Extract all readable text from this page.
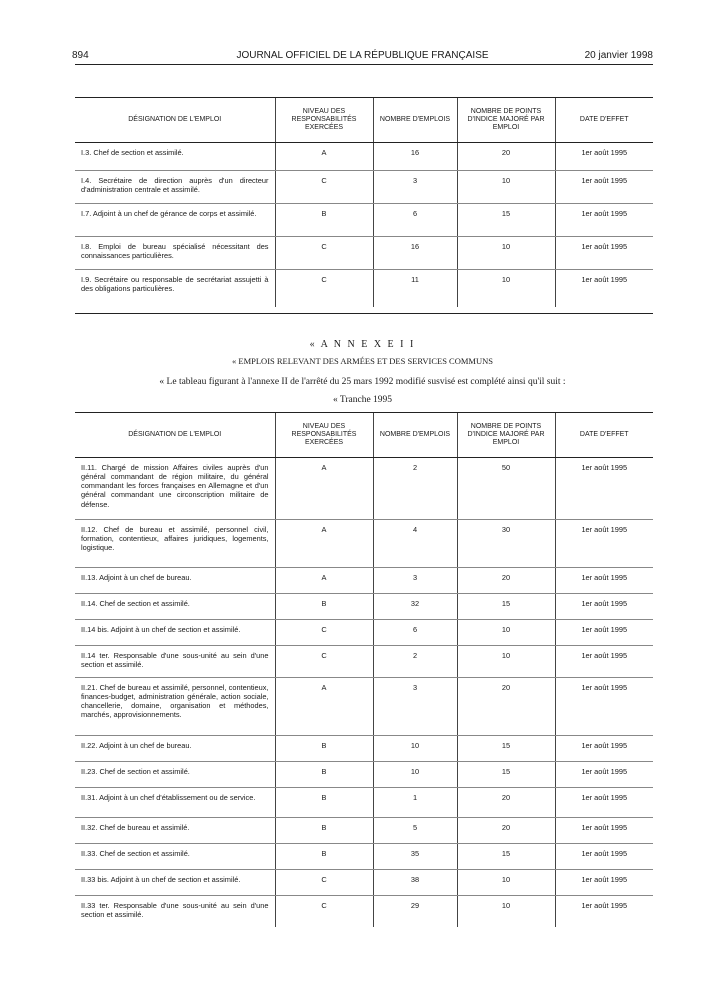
894	JOURNAL OFFICIEL DE LA RÉPUBLIQUE FRANÇAISE	20 janvier 1998
DÉSIGNATION DE L'EMPLOI	NIVEAU DES RESPONSABILITÉS EXERCÉES	NOMBRE D'EMPLOIS	NOMBRE DE POINTS D'INDICE MAJORÉ PAR EMPLOI	DATE D'EFFET
I.3. Chef de section et assimilé.	A	16	20	1er août 1995
I.4. Secrétaire de direction auprès d'un directeur d'administration centrale et assimilé.	C	3	10	1er août 1995
I.7. Adjoint à un chef de gérance de corps et assimilé.	B	6	15	1er août 1995
I.8. Emploi de bureau spécialisé nécessitant des connaissances particulières.	C	16	10	1er août 1995
I.9. Secrétaire ou responsable de secrétariat assujetti à des obligations particulières.	C	11	10	1er août 1995
« A N N E X E I I
« EMPLOIS RELEVANT DES ARMÉES ET DES SERVICES COMMUNS
« Le tableau figurant à l'annexe II de l'arrêté du 25 mars 1992 modifié susvisé est complété ainsi qu'il suit :
« Tranche 1995
DÉSIGNATION DE L'EMPLOI	NIVEAU DES RESPONSABILITÉS EXERCÉES	NOMBRE D'EMPLOIS	NOMBRE DE POINTS D'INDICE MAJORÉ PAR EMPLOI	DATE D'EFFET
II.11. Chargé de mission Affaires civiles auprès d'un général commandant de région militaire, du général commandant les forces françaises en Allemagne et d'un général commandant une circonscription militaire de défense.	A	2	50	1er août 1995
II.12. Chef de bureau et assimilé, personnel civil, formation, contentieux, affaires juridiques, logements, logistique.	A	4	30	1er août 1995
II.13. Adjoint à un chef de bureau.	A	3	20	1er août 1995
II.14. Chef de section et assimilé.	B	32	15	1er août 1995
II.14 bis. Adjoint à un chef de section et assimilé.	C	6	10	1er août 1995
II.14 ter. Responsable d'une sous-unité au sein d'une section et assimilé.	C	2	10	1er août 1995
II.21. Chef de bureau et assimilé, personnel, contentieux, finances-budget, administration générale, action sociale, chancellerie, domaine, organisation et méthodes, marchés, approvisionnements.	A	3	20	1er août 1995
II.22. Adjoint à un chef de bureau.	B	10	15	1er août 1995
II.23. Chef de section et assimilé.	B	10	15	1er août 1995
II.31. Adjoint à un chef d'établissement ou de service.	B	1	20	1er août 1995
II.32. Chef de bureau et assimilé.	B	5	20	1er août 1995
II.33. Chef de section et assimilé.	B	35	15	1er août 1995
II.33 bis. Adjoint à un chef de section et assimilé.	C	38	10	1er août 1995
II.33 ter. Responsable d'une sous-unité au sein d'une section et assimilé.	C	29	10	1er août 1995
